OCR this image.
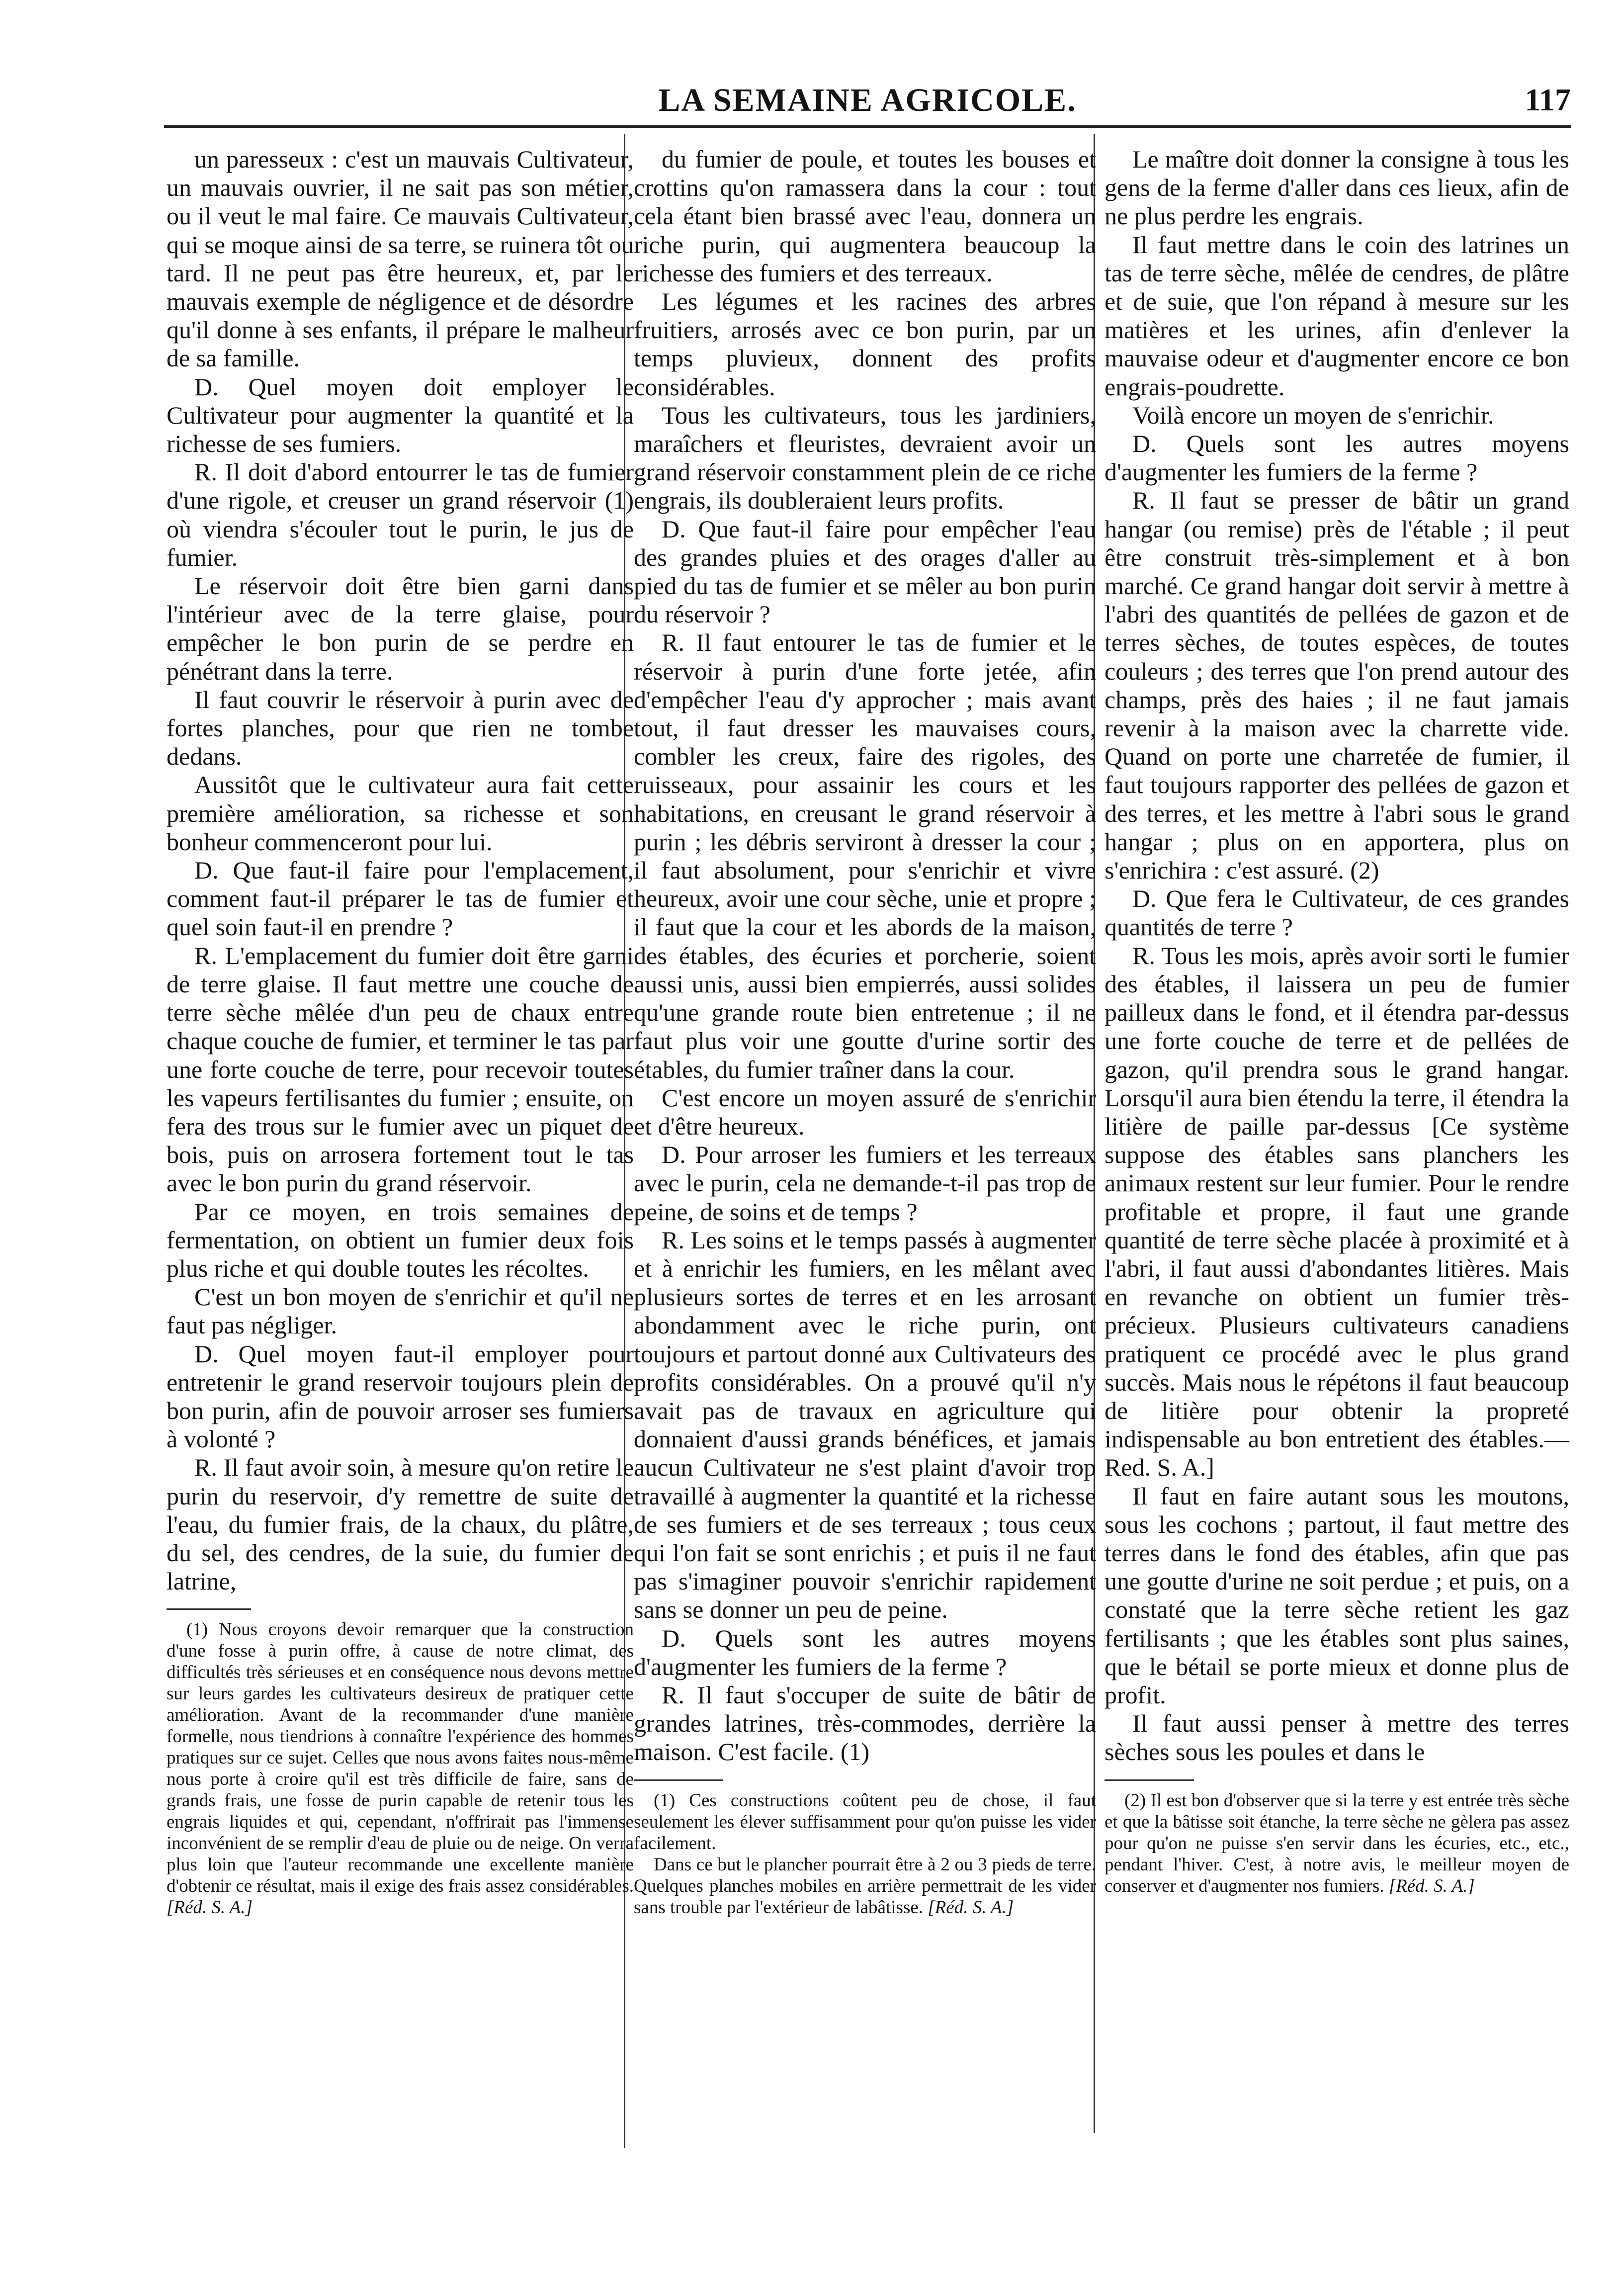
LA SEMAINE AGRICOLE.	117

un paresseux : c'est un mauvais Cultivateur, un mauvais ouvrier, il ne sait pas son métier, ou il veut le mal faire. Ce mauvais Cultivateur, qui se moque ainsi de sa terre, se ruinera tôt ou tard. Il ne peut pas être heureux, et, par le mauvais exemple de négligence et de désordre qu'il donne à ses enfants, il prépare le malheur de sa famille.

D. Quel moyen doit employer le Cultivateur pour augmenter la quantité et la richesse de ses fumiers.

R. Il doit d'abord entourrer le tas de fumier d'une rigole, et creuser un grand réservoir (1) où viendra s'écouler tout le purin, le jus de fumier.

Le réservoir doit être bien garni dans l'intérieur avec de la terre glaise, pour empêcher le bon purin de se perdre en pénétrant dans la terre.

Il faut couvrir le réservoir à purin avec de fortes planches, pour que rien ne tombe dedans.

Aussitôt que le cultivateur aura fait cette première amélioration, sa richesse et son bonheur commenceront pour lui.

D. Que faut-il faire pour l'emplacement, comment faut-il préparer le tas de fumier et quel soin faut-il en prendre ?

R. L'emplacement du fumier doit être garni de terre glaise. Il faut mettre une couche de terre sèche mêlée d'un peu de chaux entre chaque couche de fumier, et terminer le tas par une forte couche de terre, pour recevoir toutes les vapeurs fertilisantes du fumier ; ensuite, on fera des trous sur le fumier avec un piquet de bois, puis on arrosera fortement tout le tas avec le bon purin du grand réservoir.

Par ce moyen, en trois semaines de fermentation, on obtient un fumier deux fois plus riche et qui double toutes les récoltes.

C'est un bon moyen de s'enrichir et qu'il ne faut pas négliger.

D. Quel moyen faut-il employer pour entretenir le grand reservoir toujours plein de bon purin, afin de pouvoir arroser ses fumiers à volonté ?

R. Il faut avoir soin, à mesure qu'on retire le purin du reservoir, d'y remettre de suite de l'eau, du fumier frais, de la chaux, du plâtre, du sel, des cendres, de la suie, du fumier de latrine,

(1) Nous croyons devoir remarquer que la construction d'une fosse à purin offre, à cause de notre climat, des difficultés très sérieuses et en conséquence nous devons mettre sur leurs gardes les cultivateurs desireux de pratiquer cette amélioration. Avant de la recommander d'une manière formelle, nous tiendrions à connaître l'expérience des hommes pratiques sur ce sujet. Celles que nous avons faites nous-même nous porte à croire qu'il est très difficile de faire, sans de grands frais, une fosse de purin capable de retenir tous les engrais liquides et qui, cependant, n'offrirait pas l'immense inconvénient de se remplir d'eau de pluie ou de neige. On verra plus loin que l'auteur recommande une excellente manière d'obtenir ce résultat, mais il exige des frais assez considérables. [Réd. S. A.]

du fumier de poule, et toutes les bouses et crottins qu'on ramassera dans la cour : tout cela étant bien brassé avec l'eau, donnera un riche purin, qui augmentera beaucoup la richesse des fumiers et des terreaux.

Les légumes et les racines des arbres fruitiers, arrosés avec ce bon purin, par un temps pluvieux, donnent des profits considérables.

Tous les cultivateurs, tous les jardiniers, maraîchers et fleuristes, devraient avoir un grand réservoir constamment plein de ce riche engrais, ils doubleraient leurs profits.

D. Que faut-il faire pour empêcher l'eau des grandes pluies et des orages d'aller au pied du tas de fumier et se mêler au bon purin du réservoir ?

R. Il faut entourer le tas de fumier et le réservoir à purin d'une forte jetée, afin d'empêcher l'eau d'y approcher ; mais avant tout, il faut dresser les mauvaises cours, combler les creux, faire des rigoles, des ruisseaux, pour assainir les cours et les habitations, en creusant le grand réservoir à purin ; les débris serviront à dresser la cour ; il faut absolument, pour s'enrichir et vivre heureux, avoir une cour sèche, unie et propre ; il faut que la cour et les abords de la maison, des étables, des écuries et porcherie, soient aussi unis, aussi bien empierrés, aussi solides qu'une grande route bien entretenue ; il ne faut plus voir une goutte d'urine sortir des étables, du fumier traîner dans la cour.

C'est encore un moyen assuré de s'enrichir et d'être heureux.

D. Pour arroser les fumiers et les terreaux avec le purin, cela ne demande-t-il pas trop de peine, de soins et de temps ?

R. Les soins et le temps passés à augmenter et à enrichir les fumiers, en les mêlant avec plusieurs sortes de terres et en les arrosant abondamment avec le riche purin, ont toujours et partout donné aux Cultivateurs des profits considérables. On a prouvé qu'il n'y avait pas de travaux en agriculture qui donnaient d'aussi grands bénéfices, et jamais aucun Cultivateur ne s'est plaint d'avoir trop travaillé à augmenter la quantité et la richesse de ses fumiers et de ses terreaux ; tous ceux qui l'on fait se sont enrichis ; et puis il ne faut pas s'imaginer pouvoir s'enrichir rapidement sans se donner un peu de peine.

D. Quels sont les autres moyens d'augmenter les fumiers de la ferme ?

R. Il faut s'occuper de suite de bâtir de grandes latrines, très-commodes, derrière la maison. C'est facile. (1)

(1) Ces constructions coûtent peu de chose, il faut seulement les élever suffisamment pour qu'on puisse les vider facilement.

Dans ce but le plancher pourrait être à 2 ou 3 pieds de terre. Quelques planches mobiles en arrière permettrait de les vider sans trouble par l'extérieur de labâtisse. [Réd. S. A.]

Le maître doit donner la consigne à tous les gens de la ferme d'aller dans ces lieux, afin de ne plus perdre les engrais.

Il faut mettre dans le coin des latrines un tas de terre sèche, mêlée de cendres, de plâtre et de suie, que l'on répand à mesure sur les matières et les urines, afin d'enlever la mauvaise odeur et d'augmenter encore ce bon engrais-poudrette.

Voilà encore un moyen de s'enrichir.

D. Quels sont les autres moyens d'augmenter les fumiers de la ferme ?

R. Il faut se presser de bâtir un grand hangar (ou remise) près de l'étable ; il peut être construit très-simplement et à bon marché. Ce grand hangar doit servir à mettre à l'abri des quantités de pellées de gazon et de terres sèches, de toutes espèces, de toutes couleurs ; des terres que l'on prend autour des champs, près des haies ; il ne faut jamais revenir à la maison avec la charrette vide. Quand on porte une charretée de fumier, il faut toujours rapporter des pellées de gazon et des terres, et les mettre à l'abri sous le grand hangar ; plus on en apportera, plus on s'enrichira : c'est assuré. (2)

D. Que fera le Cultivateur, de ces grandes quantités de terre ?

R. Tous les mois, après avoir sorti le fumier des étables, il laissera un peu de fumier pailleux dans le fond, et il étendra par-dessus une forte couche de terre et de pellées de gazon, qu'il prendra sous le grand hangar. Lorsqu'il aura bien étendu la terre, il étendra la litière de paille par-dessus [Ce système suppose des étables sans planchers les animaux restent sur leur fumier. Pour le rendre profitable et propre, il faut une grande quantité de terre sèche placée à proximité et à l'abri, il faut aussi d'abondantes litières. Mais en revanche on obtient un fumier très-précieux. Plusieurs cultivateurs canadiens pratiquent ce procédé avec le plus grand succès. Mais nous le répétons il faut beaucoup de litière pour obtenir la propreté indispensable au bon entretient des étables.—Red. S. A.]

Il faut en faire autant sous les moutons, sous les cochons ; partout, il faut mettre des terres dans le fond des étables, afin que pas une goutte d'urine ne soit perdue ; et puis, on a constaté que la terre sèche retient les gaz fertilisants ; que les étables sont plus saines, que le bétail se porte mieux et donne plus de profit.

Il faut aussi penser à mettre des terres sèches sous les poules et dans le

(2) Il est bon d'observer que si la terre y est entrée très sèche et que la bâtisse soit étanche, la terre sèche ne gèlera pas assez pour qu'on ne puisse s'en servir dans les écuries, etc., etc., pendant l'hiver. C'est, à notre avis, le meilleur moyen de conserver et d'augmenter nos fumiers. [Réd. S. A.]
